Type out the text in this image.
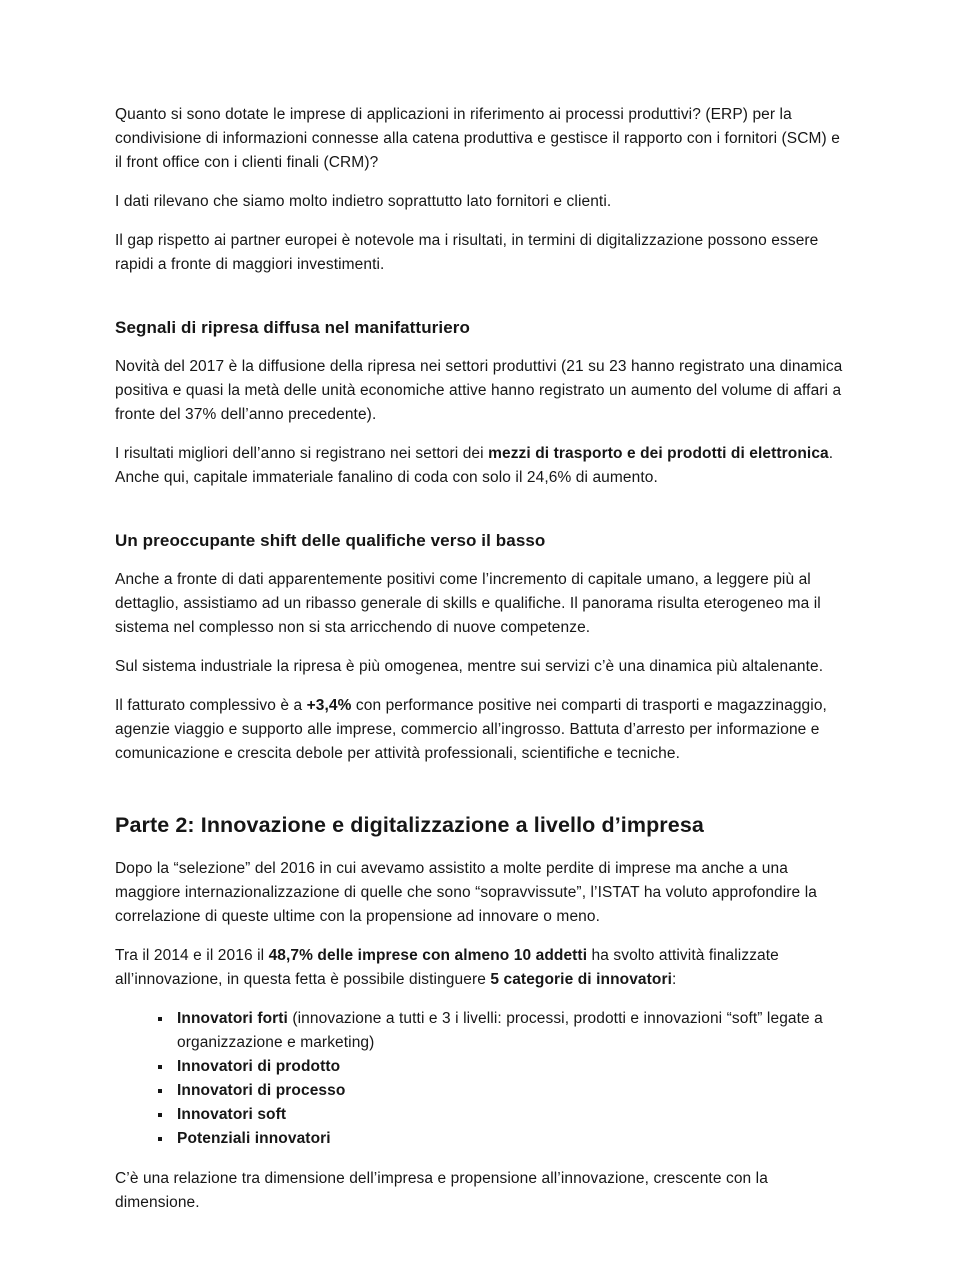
Quanto si sono dotate le imprese di applicazioni in riferimento ai processi produttivi? (ERP) per la condivisione di informazioni connesse alla catena produttiva e gestisce il rapporto con i fornitori (SCM) e il front office con i clienti finali (CRM)?

I dati rilevano che siamo molto indietro soprattutto lato fornitori e clienti.

Il gap rispetto ai partner europei è notevole ma i risultati, in termini di digitalizzazione possono essere rapidi a fronte di maggiori investimenti.

Segnali di ripresa diffusa nel manifatturiero

Novità del 2017 è la diffusione della ripresa nei settori produttivi (21 su 23 hanno registrato una dinamica positiva e quasi la metà delle unità economiche attive hanno registrato un aumento del volume di affari a fronte del 37% dell’anno precedente).

I risultati migliori dell’anno si registrano nei settori dei mezzi di trasporto e dei prodotti di elettronica. Anche qui, capitale immateriale fanalino di coda con solo il 24,6% di aumento.

Un preoccupante shift delle qualifiche verso il basso

Anche a fronte di dati apparentemente positivi come l’incremento di capitale umano, a leggere più al dettaglio, assistiamo ad un ribasso generale di skills e qualifiche. Il panorama risulta eterogeneo ma il sistema nel complesso non si sta arricchendo di nuove competenze.

Sul sistema industriale la ripresa è più omogenea, mentre sui servizi c’è una dinamica più altalenante.

Il fatturato complessivo è a +3,4% con performance positive nei comparti di trasporti e magazzinaggio, agenzie viaggio e supporto alle imprese, commercio all’ingrosso. Battuta d’arresto per informazione e comunicazione e crescita debole per attività professionali, scientifiche e tecniche.

Parte 2: Innovazione e digitalizzazione a livello d’impresa

Dopo la “selezione” del 2016 in cui avevamo assistito a molte perdite di imprese ma anche a una maggiore internazionalizzazione di quelle che sono “sopravvissute”, l’ISTAT ha voluto approfondire la correlazione di queste ultime con la propensione ad innovare o meno.

Tra il 2014 e il 2016 il 48,7% delle imprese con almeno 10 addetti ha svolto attività finalizzate all’innovazione, in questa fetta è possibile distinguere 5 categorie di innovatori:

▪ Innovatori forti (innovazione a tutti e 3 i livelli: processi, prodotti e innovazioni “soft” legate a organizzazione e marketing)
▪ Innovatori di prodotto
▪ Innovatori di processo
▪ Innovatori soft
▪ Potenziali innovatori

C’è una relazione tra dimensione dell’impresa e propensione all’innovazione, crescente con la dimensione.
